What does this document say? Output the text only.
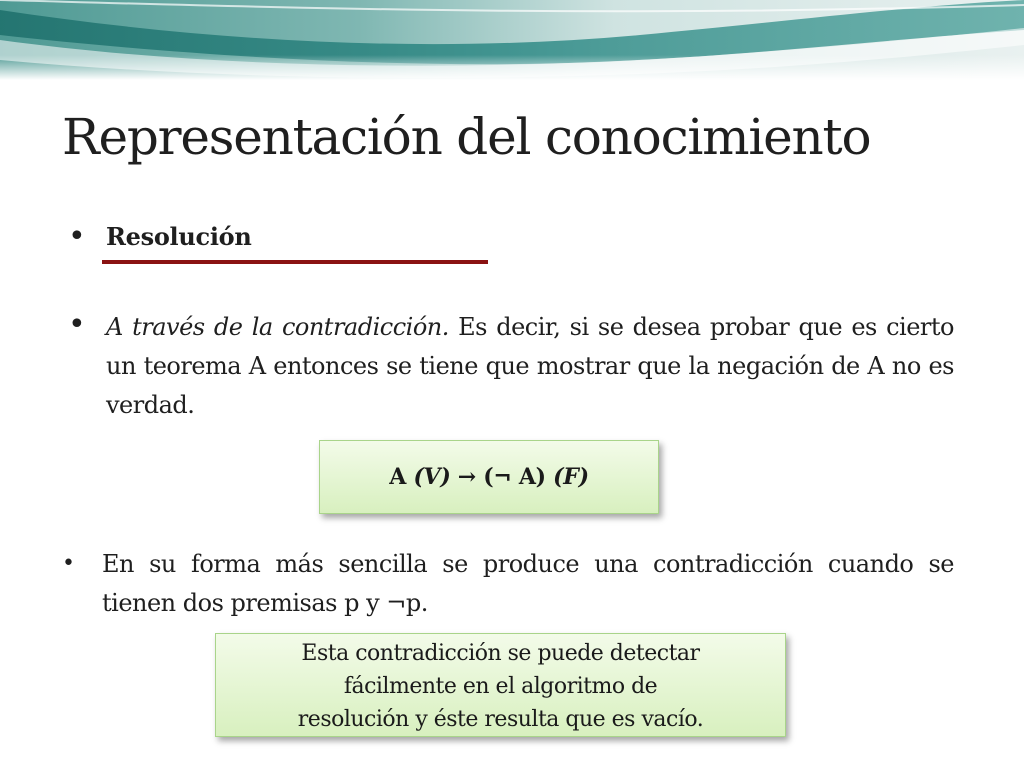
Representación del conocimiento
• Resolución
• A través de la contradicción. Es decir, si se desea probar que es cierto un teorema A entonces se tiene que mostrar que la negación de A no es verdad.

A (V) → (¬ A) (F)
• En su forma más sencilla se produce una contradicción cuando se tienen dos premisas p y ¬p.

Esta contradicción se puede detectar
fácilmente en el algoritmo de
resolución y éste resulta que es vacío.
